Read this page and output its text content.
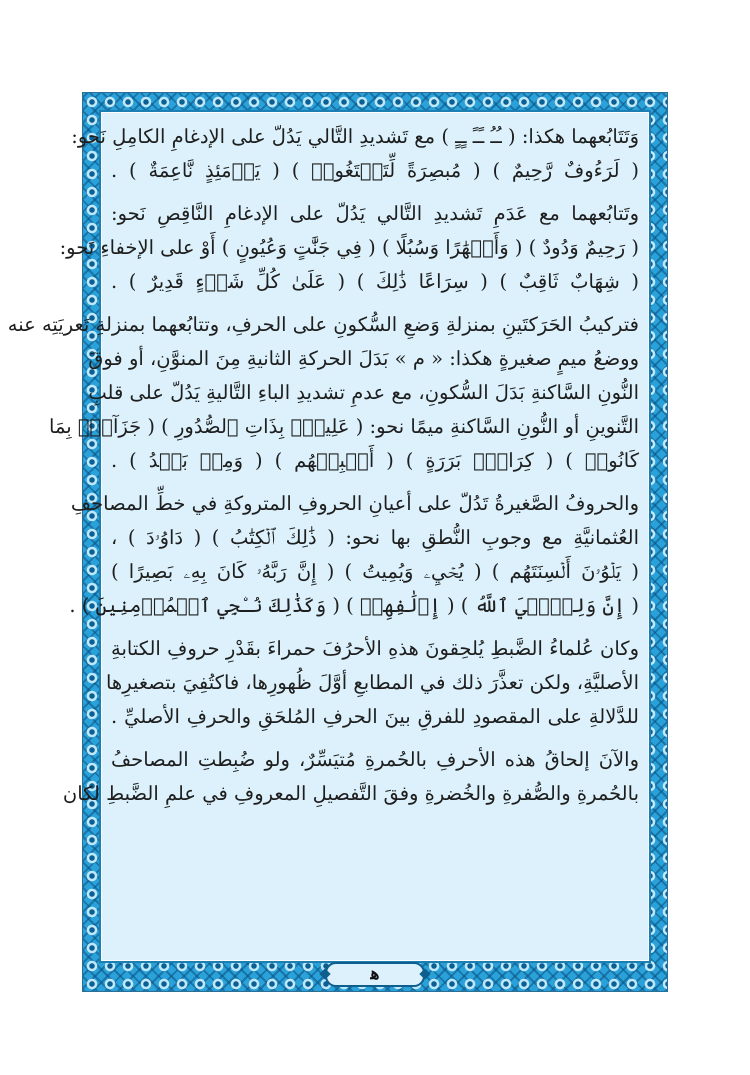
وَتَتَابُعهما هكذا: ( ـُـُ ـًـً ـٍـٍ ) مع تَشديدِ التَّالي يَدُلّ على الإدغامِ الكامِلِ نَحو:
( لَرَءُوفٌ رَّحِيمٌ ) ( مُبصِرَةً لِّتَبۡتَغُوا۟ ) ( يَوۡمَئِذٍ نَّاعِمَةٌ ) .
وتَتابُعهما مع عَدَمِ تَشديدِ التَّالي يَدُلّ على الإدغامِ النَّاقِصِ نَحو:
( رَحِيمٌ وَدُودٌ ) ( وَأَنۡهَٰرًا وَسُبُلًا ) ( فِي جَنَّٰتٍ وَعُيُونٍ ) أَوْ على الإخفاءِ نَحو:
( شِهَابٌ ثَاقِبٌ ) ( سِرَاعًا ذَٰلِكَ ) ( عَلَىٰ كُلِّ شَيۡءٍ قَدِيرٌ ) .
فتركيبُ الحَرَكتَينِ بمنزلةِ وَضعِ السُّكونِ على الحرفِ، وتتابُعهما بمنزلةِ تَعريَتِه عنه
ووضعُ ميمٍ صغيرةٍ هكذا: « م » بَدَلَ الحركةِ الثانيةِ مِنَ المنوَّنِ، أو فوقَ
النُّونِ السَّاكنةِ بَدَلَ السُّكونِ، مع عدمِ تشديدِ الباءِ التَّاليةِ يَدُلّ على قلبِ
التَّنوينِ أو النُّونِ السَّاكنةِ ميمًا نحو: ( عَلِيمُۢ بِذَاتِ ٱلصُّدُورِ ) ( جَزَآءَۢ بِمَا
كَانُوا۟ ) ( كِرَامِۭ بَرَرَةٍ ) ( أَنۢبِئۡهُم ) ( وَمِنۢ بَعۡدُ ) .
والحروفُ الصَّغيرةُ تَدُلّ على أعيانِ الحروفِ المتروكةِ في خطِّ المصاحفِ
العُثمانيَّةِ مع وجوبِ النُّطقِ بها نحو: ( ذَٰلِكَ ٱلۡكِتَٰبُ ) ( دَاوُۥدَ ) ،
( يَلۡوُۥنَ أَلۡسِنَتَهُم ) ( يُحۡيِۦ وَيُمِيتُ ) ( إِنَّ رَبَّهُۥ كَانَ بِهِۦ بَصِيرًا )
( إِنَّ وَلِـِّۧيَ ٱللَّهُ ) ( إِۦلَٰفِهِمۡ ) ( وَكَذَٰلِكَ نُـۨجِي ٱلۡمُؤۡمِنِينَ ) .
وكان عُلماءُ الضَّبطِ يُلحِقونَ هذهِ الأحرُفَ حمراءَ بقَدْرِ حروفِ الكتابةِ
الأصليَّةِ، ولكن تعذَّرَ ذلك في المطابعِ أوَّلَ ظُهورِها، فاكتُفِيَ بتصغيرِها
للدَّلالةِ على المقصودِ للفرقِ بينَ الحرفِ المُلحَقِ والحرفِ الأصليِّ .
والآنَ إلحاقُ هذه الأحرفِ بالحُمرةِ مُتيَسِّرٌ، ولو ضُبِطتِ المصاحفُ
بالحُمرةِ والصُّفرةِ والخُضرةِ وفقَ التَّفصيلِ المعروفِ في علمِ الضَّبطِ لكان
ﻫ
